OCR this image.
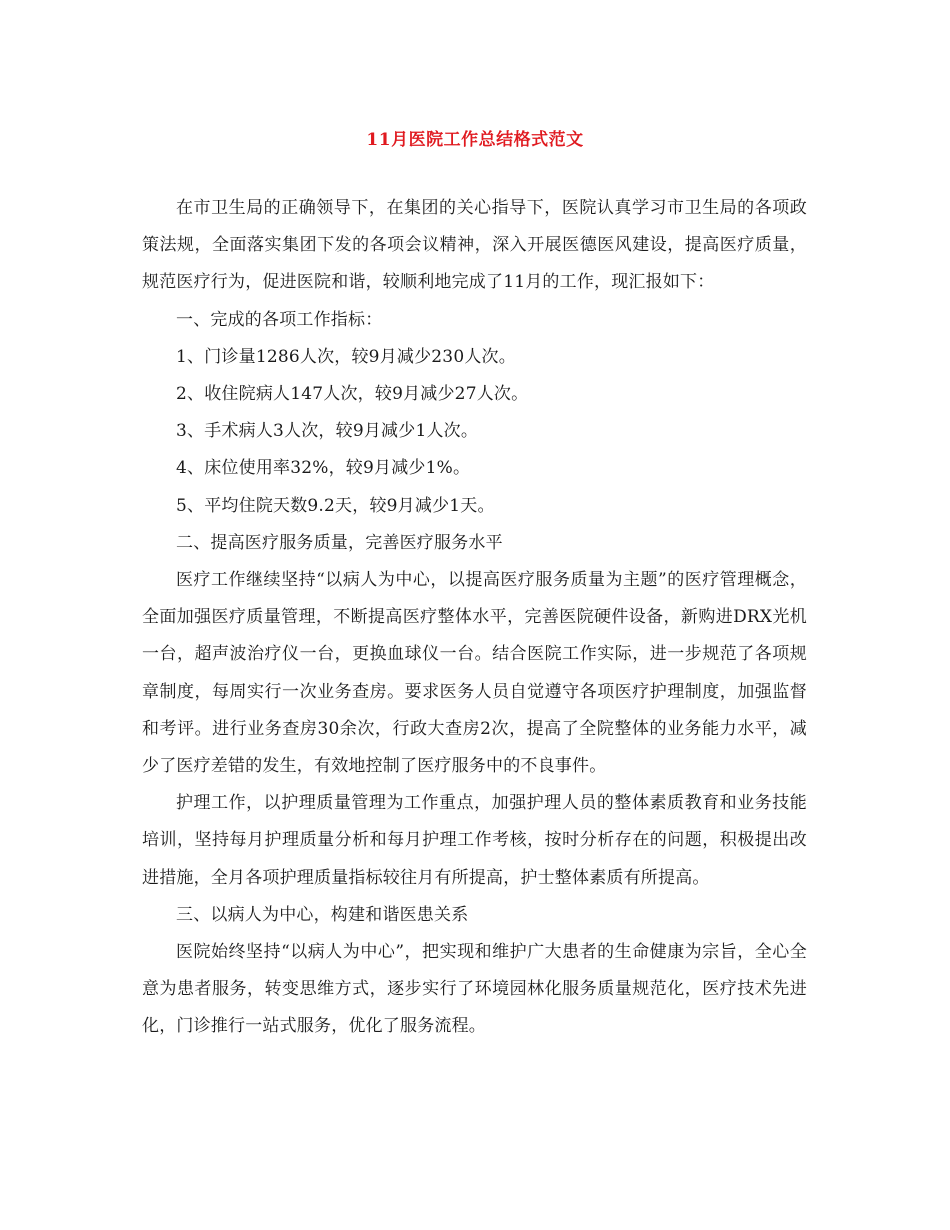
11月医院工作总结格式范文

在市卫生局的正确领导下，在集团的关心指导下，医院认真学习市卫生局的各项政策法规，全面落实集团下发的各项会议精神，深入开展医德医风建设，提高医疗质量，规范医疗行为，促进医院和谐，较顺利地完成了11月的工作，现汇报如下：

一、完成的各项工作指标：

1、门诊量1286人次，较9月减少230人次。

2、收住院病人147人次，较9月减少27人次。

3、手术病人3人次，较9月减少1人次。

4、床位使用率32%，较9月减少1%。

5、平均住院天数9.2天，较9月减少1天。

二、提高医疗服务质量，完善医疗服务水平

医疗工作继续坚持“以病人为中心，以提高医疗服务质量为主题”的医疗管理概念，全面加强医疗质量管理，不断提高医疗整体水平，完善医院硬件设备，新购进DRX光机一台，超声波治疗仪一台，更换血球仪一台。结合医院工作实际，进一步规范了各项规章制度，每周实行一次业务查房。要求医务人员自觉遵守各项医疗护理制度，加强监督和考评。进行业务查房30余次，行政大查房2次，提高了全院整体的业务能力水平，减少了医疗差错的发生，有效地控制了医疗服务中的不良事件。

护理工作，以护理质量管理为工作重点，加强护理人员的整体素质教育和业务技能培训，坚持每月护理质量分析和每月护理工作考核，按时分析存在的问题，积极提出改进措施，全月各项护理质量指标较往月有所提高，护士整体素质有所提高。

三、以病人为中心，构建和谐医患关系

医院始终坚持“以病人为中心”，把实现和维护广大患者的生命健康为宗旨，全心全意为患者服务，转变思维方式，逐步实行了环境园林化服务质量规范化，医疗技术先进化，门诊推行一站式服务，优化了服务流程。
